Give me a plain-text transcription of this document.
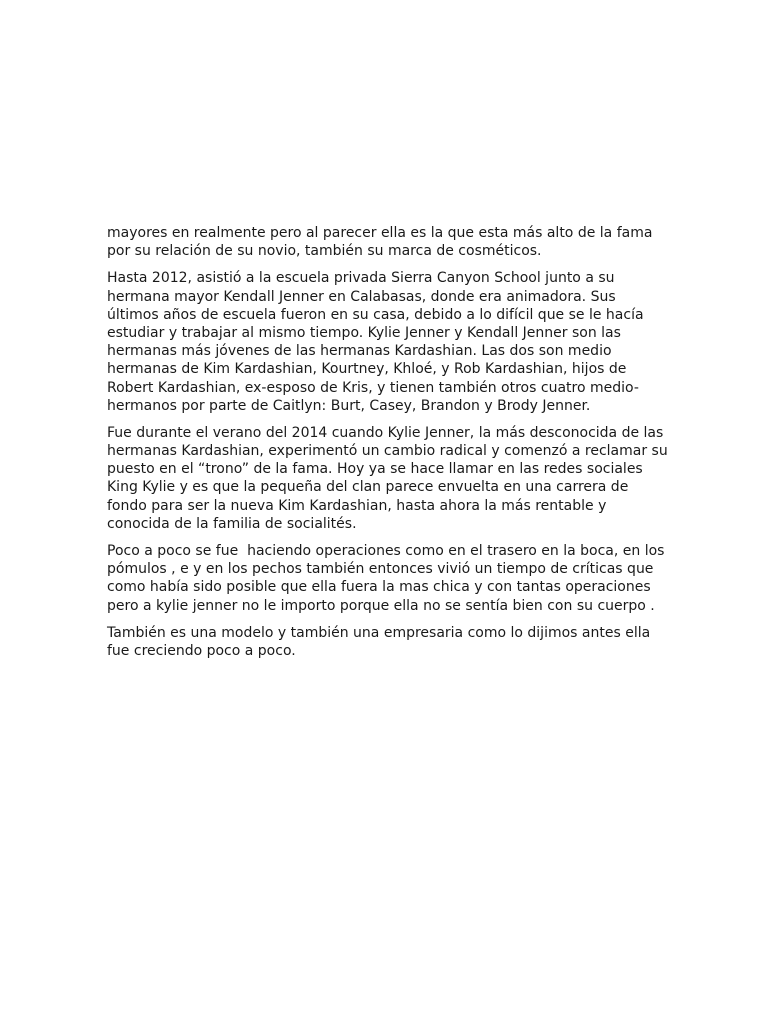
mayores en realmente pero al parecer ella es la que esta más alto de la fama
por su relación de su novio, también su marca de cosméticos.
Hasta 2012, asistió a la escuela privada Sierra Canyon School junto a su
hermana mayor Kendall Jenner en Calabasas, donde era animadora. Sus
últimos años de escuela fueron en su casa, debido a lo difícil que se le hacía
estudiar y trabajar al mismo tiempo. Kylie Jenner y Kendall Jenner son las
hermanas más jóvenes de las hermanas Kardashian. Las dos son medio
hermanas de Kim Kardashian, Kourtney, Khloé, y Rob Kardashian, hijos de
Robert Kardashian, ex-esposo de Kris, y tienen también otros cuatro medio-
hermanos por parte de Caitlyn: Burt, Casey, Brandon y Brody Jenner.
Fue durante el verano del 2014 cuando Kylie Jenner, la más desconocida de las
hermanas Kardashian, experimentó un cambio radical y comenzó a reclamar su
puesto en el “trono” de la fama. Hoy ya se hace llamar en las redes sociales
King Kylie y es que la pequeña del clan parece envuelta en una carrera de
fondo para ser la nueva Kim Kardashian, hasta ahora la más rentable y
conocida de la familia de socialités.
Poco a poco se fue  haciendo operaciones como en el trasero en la boca, en los
pómulos , e y en los pechos también entonces vivió un tiempo de críticas que
como había sido posible que ella fuera la mas chica y con tantas operaciones
pero a kylie jenner no le importo porque ella no se sentía bien con su cuerpo .
También es una modelo y también una empresaria como lo dijimos antes ella
fue creciendo poco a poco.
